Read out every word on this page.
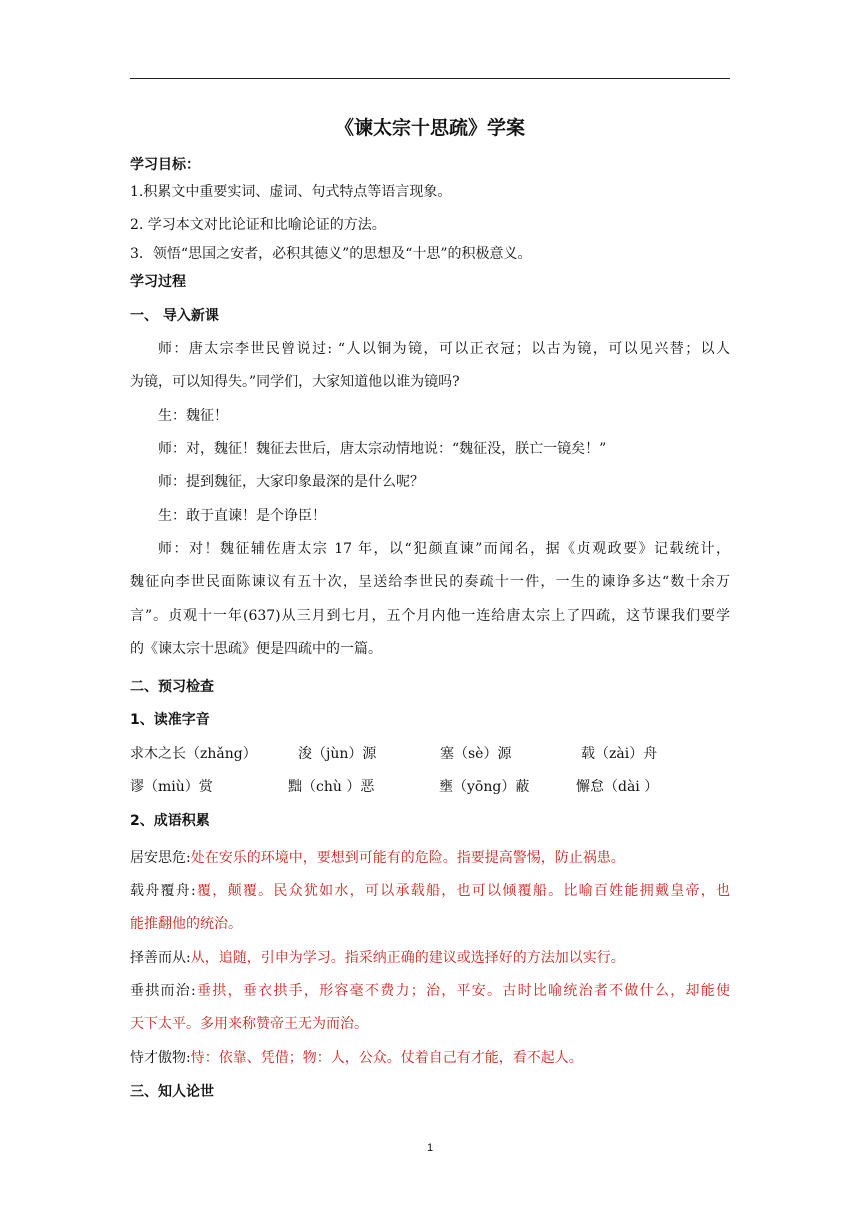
《谏太宗十思疏》学案
学习目标：
1.积累文中重要实词、虚词、句式特点等语言现象。
2. 学习本文对比论证和比喻论证的方法。
3．领悟“思国之安者，必积其德义”的思想及“十思”的积极意义。
学习过程
一、 导入新课
师：唐太宗李世民曾说过: “人以铜为镜，可以正衣冠；以古为镜，可以见兴替；以人
为镜，可以知得失。”同学们，大家知道他以谁为镜吗?
生：魏征！
师：对，魏征！魏征去世后，唐太宗动情地说：“魏征没，朕亡一镜矣！”
师：提到魏征，大家印象最深的是什么呢？
生：敢于直谏！是个诤臣！
师：对！魏征辅佐唐太宗 17 年，以“犯颜直谏”而闻名，据《贞观政要》记载统计，
魏征向李世民面陈谏议有五十次，呈送给李世民的奏疏十一件，一生的谏诤多达“数十余万
言”。贞观十一年(637)从三月到七月，五个月内他一连给唐太宗上了四疏，这节课我们要学
的《谏太宗十思疏》便是四疏中的一篇。
二、预习检查
1、读准字音
求木之长（zhǎng）	浚（jùn）源	塞（sè）源	载（zài）舟
谬（miù）赏	黜（chù ）恶	壅（yōng）蔽	懈怠（dài ）
2、成语积累
居安思危:处在安乐的环境中，要想到可能有的危险。指要提高警惕，防止祸患。
载舟覆舟:覆，颠覆。民众犹如水，可以承载船，也可以倾覆船。比喻百姓能拥戴皇帝，也
能推翻他的统治。
择善而从:从，追随，引申为学习。指采纳正确的建议或选择好的方法加以实行。
垂拱而治:垂拱，垂衣拱手，形容毫不费力；治，平安。古时比喻统治者不做什么，却能使
天下太平。多用来称赞帝王无为而治。
恃才傲物:恃：依靠、凭借；物：人，公众。仗着自己有才能，看不起人。
三、知人论世
1
